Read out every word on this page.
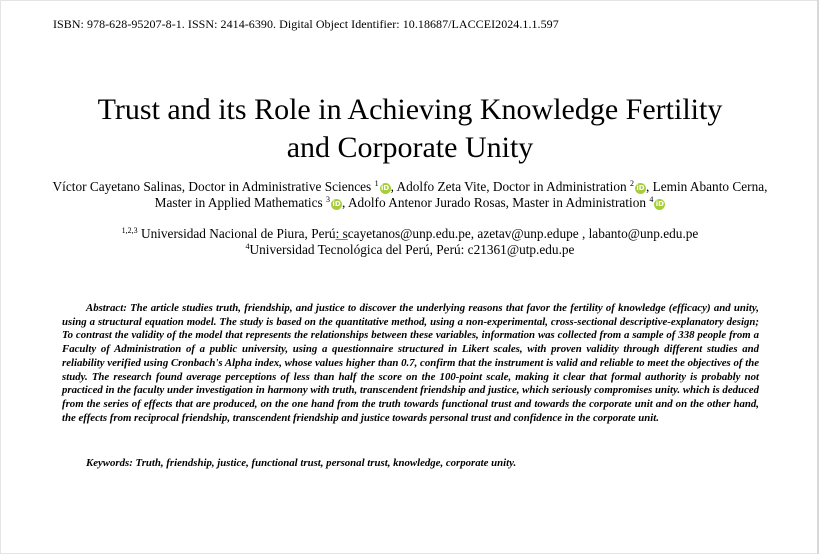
ISBN: 978-628-95207-8-1. ISSN: 2414-6390. Digital Object Identifier: 10.18687/LACCEI2024.1.1.597
Trust and its Role in Achieving Knowledge Fertility
and Corporate Unity
Víctor Cayetano Salinas, Doctor in Administrative Sciences $^1$ iD, Adolfo Zeta Vite, Doctor in Administration $^2$ iD, Lemin Abanto Cerna, Master in Applied Mathematics $^3$ iD, Adolfo Antenor Jurado Rosas, Master in Administration $^4$ iD
$^{1,2,3}$ Universidad Nacional de Piura, Perú: scayetanos@unp.edu.pe, azetav@unp.edupe , labanto@unp.edu.pe
$^4$Universidad Tecnológica del Perú, Perú: c21361@utp.edu.pe
Abstract: The article studies truth, friendship, and justice to discover the underlying reasons that favor the fertility of knowledge (efficacy) and unity, using a structural equation model. The study is based on the quantitative method, using a non-experimental, cross-sectional descriptive-explanatory design; To contrast the validity of the model that represents the relationships between these variables, information was collected from a sample of 338 people from a Faculty of Administration of a public university, using a questionnaire structured in Likert scales, with proven validity through different studies and reliability verified using Cronbach's Alpha index, whose values higher than 0.7, confirm that the instrument is valid and reliable to meet the objectives of the study. The research found average perceptions of less than half the score on the 100-point scale, making it clear that formal authority is probably not practiced in the faculty under investigation in harmony with truth, transcendent friendship and justice, which seriously compromises unity. which is deduced from the series of effects that are produced, on the one hand from the truth towards functional trust and towards the corporate unit and on the other hand, the effects from reciprocal friendship, transcendent friendship and justice towards personal trust and confidence in the corporate unit.
Keywords: Truth, friendship, justice, functional trust, personal trust, knowledge, corporate unity.
